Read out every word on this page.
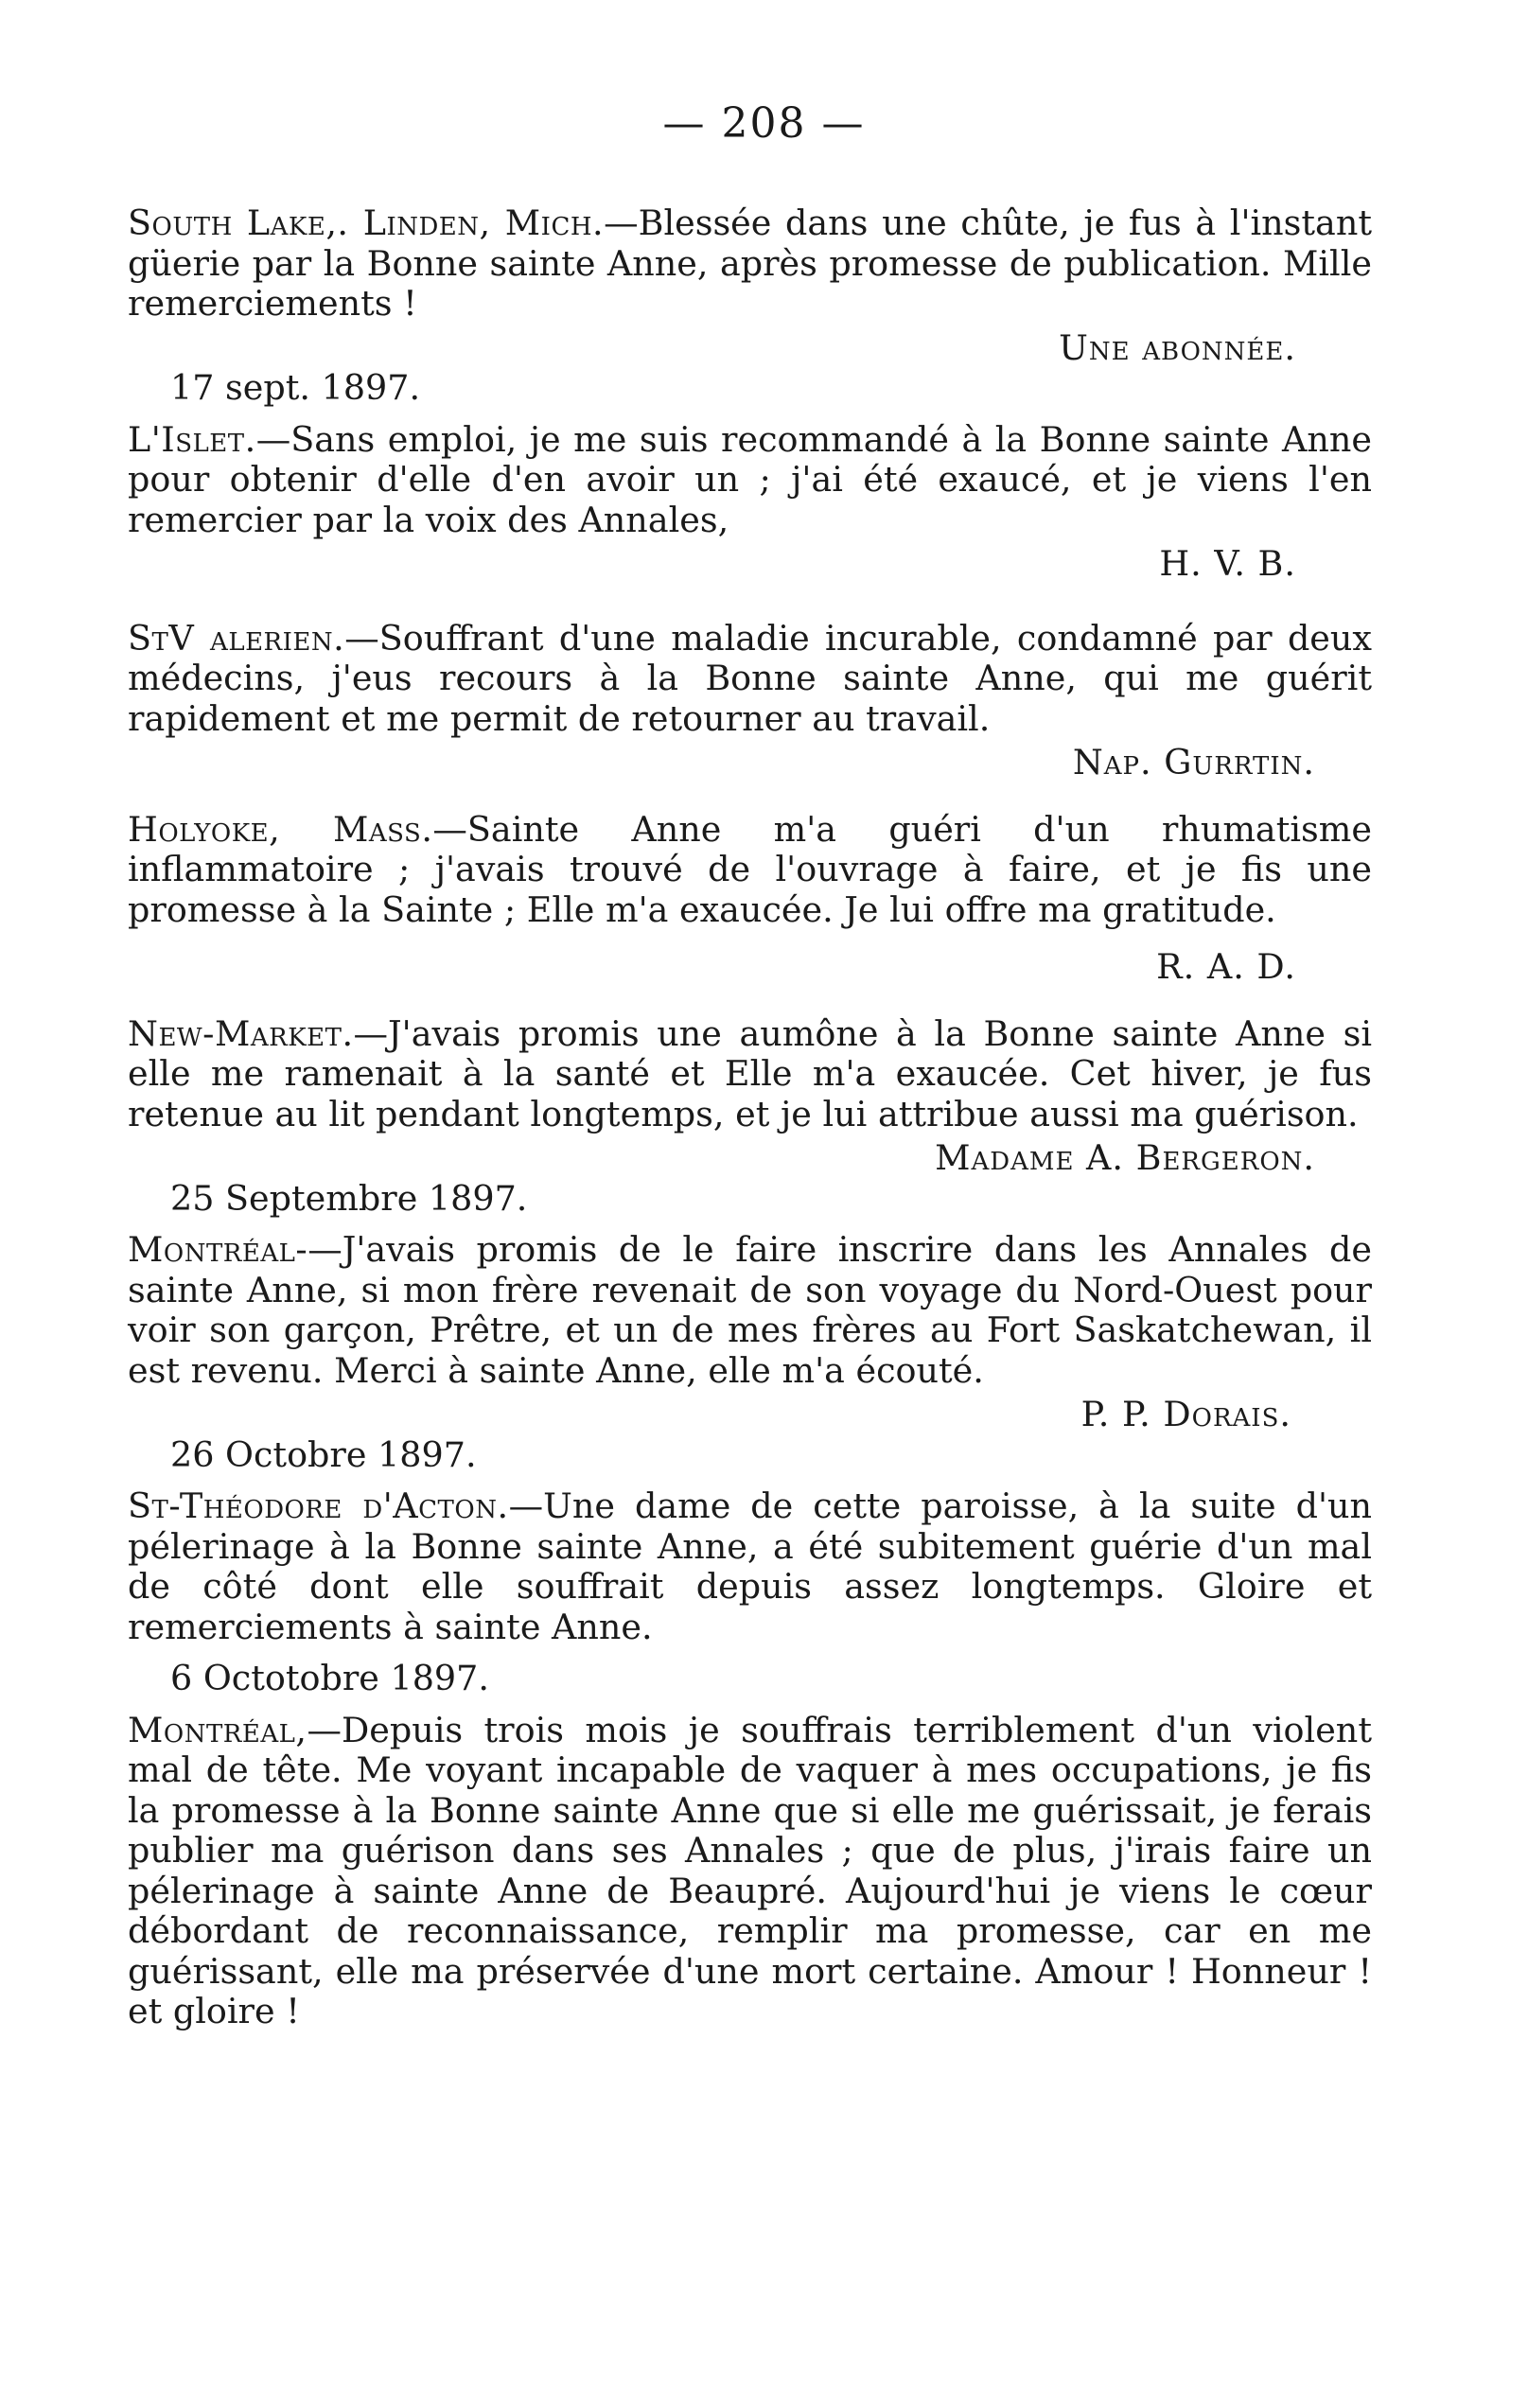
— 208 —

South Lake,. Linden, Mich.—Blessée dans une chûte, je fus à l'instant güerie par la Bonne sainte Anne, après promesse de publication. Mille remerciements !

Une abonnée.

17 sept. 1897.

L'Islet.—Sans emploi, je me suis recommandé à la Bonne sainte Anne pour obtenir d'elle d'en avoir un ; j'ai été exaucé, et je viens l'en remercier par la voix des Annales,

H. V. B.

StV alerien.—Souffrant d'une maladie incurable, condamné par deux médecins, j'eus recours à la Bonne sainte Anne, qui me guérit rapidement et me permit de retourner au travail.

Nap. Gurrtin.

Holyoke, Mass.—Sainte Anne m'a guéri d'un rhumatisme inflammatoire ; j'avais trouvé de l'ouvrage à faire, et je fis une promesse à la Sainte ; Elle m'a exaucée. Je lui offre ma gratitude.

R. A. D.

New-Market.—J'avais promis une aumône à la Bonne sainte Anne si elle me ramenait à la santé et Elle m'a exaucée. Cet hiver, je fus retenue au lit pendant longtemps, et je lui attribue aussi ma guérison.

Madame A. Bergeron.

25 Septembre 1897.

Montréal-—J'avais promis de le faire inscrire dans les Annales de sainte Anne, si mon frère revenait de son voyage du Nord-Ouest pour voir son garçon, Prêtre, et un de mes frères au Fort Saskatchewan, il est revenu. Merci à sainte Anne, elle m'a écouté.

P. P. Dorais.

26 Octobre 1897.

St-Théodore d'Acton.—Une dame de cette paroisse, à la suite d'un pélerinage à la Bonne sainte Anne, a été subitement guérie d'un mal de côté dont elle souffrait depuis assez longtemps. Gloire et remerciements à sainte Anne.

6 Octotobre 1897.

Montréal,—Depuis trois mois je souffrais terriblement d'un violent mal de tête. Me voyant incapable de vaquer à mes occupations, je fis la promesse à la Bonne sainte Anne que si elle me guérissait, je ferais publier ma guérison dans ses Annales ; que de plus, j'irais faire un pélerinage à sainte Anne de Beaupré. Aujourd'hui je viens le cœur débordant de reconnaissance, remplir ma promesse, car en me guérissant, elle ma préservée d'une mort certaine. Amour ! Honneur ! et gloire !
